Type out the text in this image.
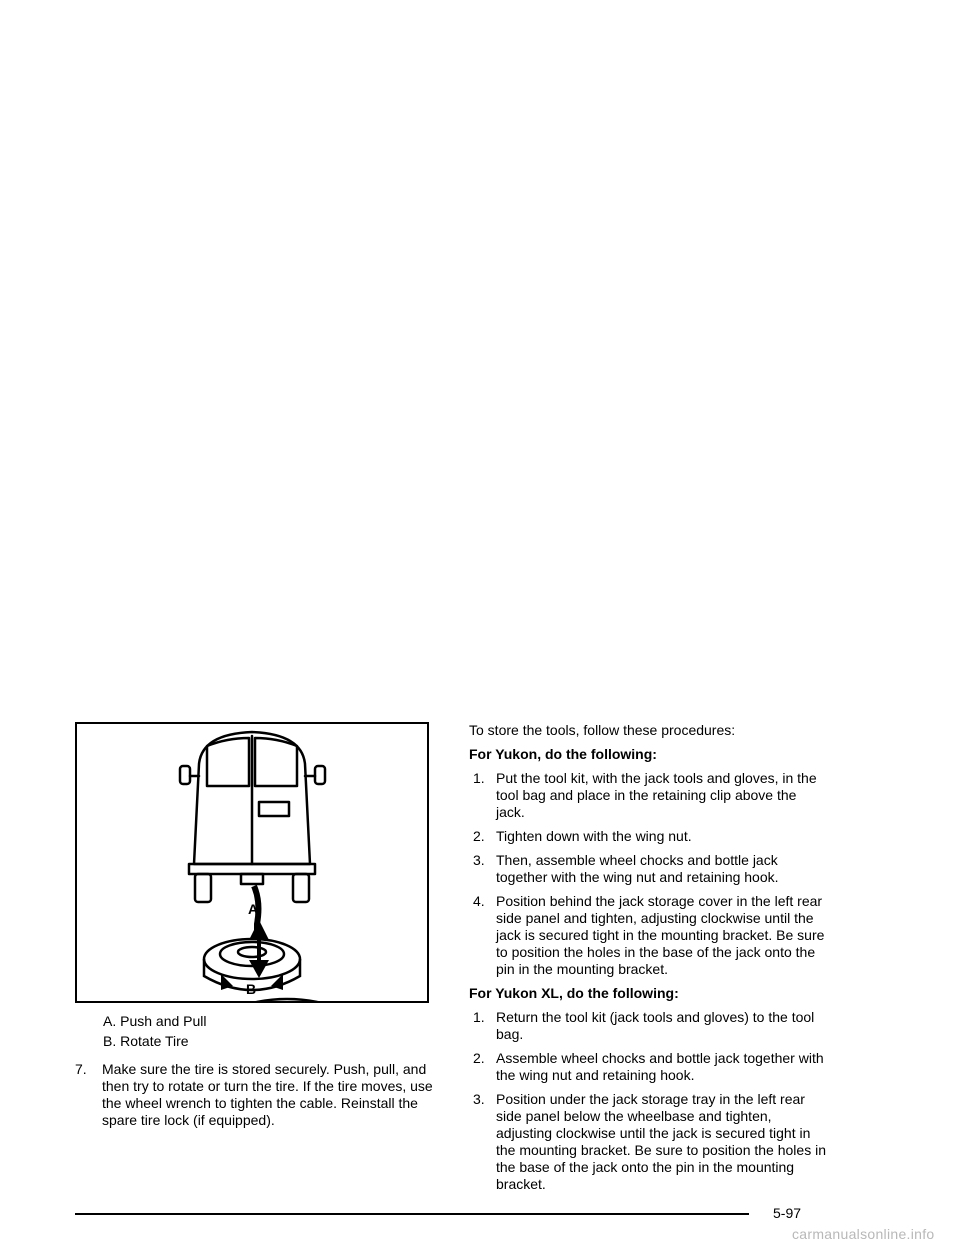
A
B
A. Push and Pull
B. Rotate Tire
7. Make sure the tire is stored securely. Push, pull, and then try to rotate or turn the tire. If the tire moves, use the wheel wrench to tighten the cable. Reinstall the spare tire lock (if equipped).

To store the tools, follow these procedures:

For Yukon, do the following:

1. Put the tool kit, with the jack tools and gloves, in the tool bag and place in the retaining clip above the jack.
2. Tighten down with the wing nut.
3. Then, assemble wheel chocks and bottle jack together with the wing nut and retaining hook.
4. Position behind the jack storage cover in the left rear side panel and tighten, adjusting clockwise until the jack is secured tight in the mounting bracket. Be sure to position the holes in the base of the jack onto the pin in the mounting bracket.

For Yukon XL, do the following:

1. Return the tool kit (jack tools and gloves) to the tool bag.
2. Assemble wheel chocks and bottle jack together with the wing nut and retaining hook.
3. Position under the jack storage tray in the left rear side panel below the wheelbase and tighten, adjusting clockwise until the jack is secured tight in the mounting bracket. Be sure to position the holes in the base of the jack onto the pin in the mounting bracket.
5-97
carmanualsonline.info
